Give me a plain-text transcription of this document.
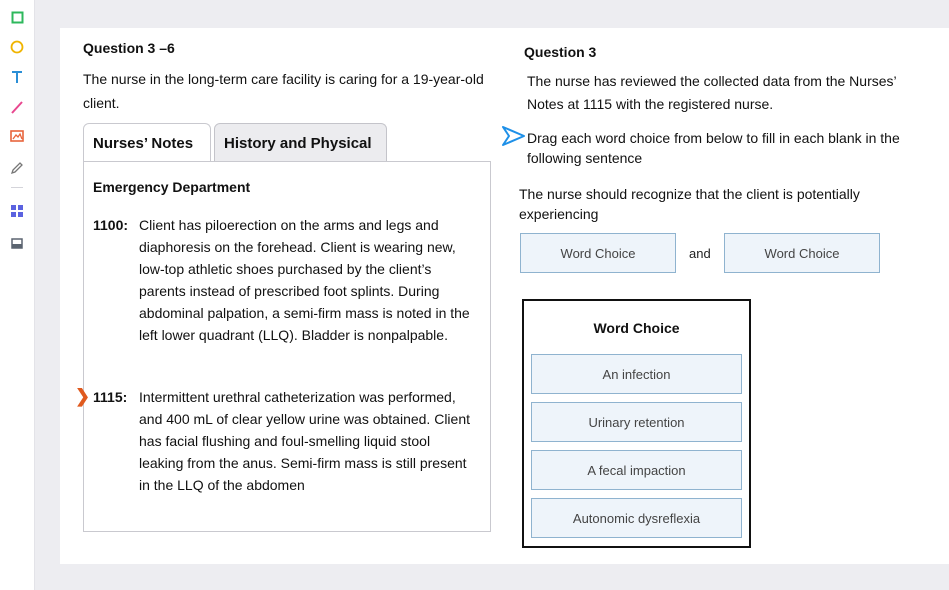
Question 3 –6
The nurse in the long-term care facility is caring for a 19-year-old client.
Nurses’ Notes	History and Physical
Emergency Department
1100: Client has piloerection on the arms and legs and diaphoresis on the forehead. Client is wearing new, low-top athletic shoes purchased by the client’s parents instead of prescribed foot splints. During abdominal palpation, a semi-firm mass is noted in the left lower quadrant (LLQ). Bladder is nonpalpable.
❯ 1115: Intermittent urethral catheterization was performed, and 400 mL of clear yellow urine was obtained. Client has facial flushing and foul-smelling liquid stool leaking from the anus. Semi-firm mass is still present in the LLQ of the abdomen
Question 3
The nurse has reviewed the collected data from the Nurses’ Notes at 1115 with the registered nurse.
Drag each word choice from below to fill in each blank in the following sentence
The nurse should recognize that the client is potentially experiencing
Word Choice	and	Word Choice
Word Choice
An infection
Urinary retention
A fecal impaction
Autonomic dysreflexia
